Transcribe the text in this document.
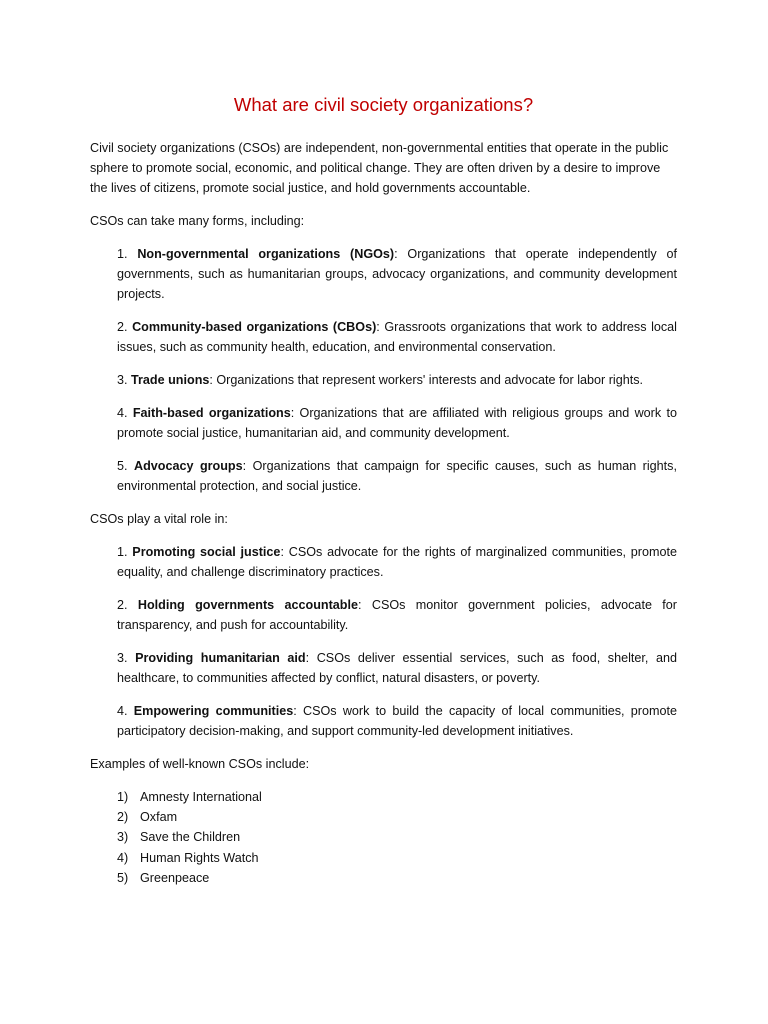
What are civil society organizations?

Civil society organizations (CSOs) are independent, non-governmental entities that operate in the public sphere to promote social, economic, and political change. They are often driven by a desire to improve the lives of citizens, promote social justice, and hold governments accountable.

CSOs can take many forms, including:

1. Non-governmental organizations (NGOs): Organizations that operate independently of governments, such as humanitarian groups, advocacy organizations, and community development projects.
2. Community-based organizations (CBOs): Grassroots organizations that work to address local issues, such as community health, education, and environmental conservation.
3. Trade unions: Organizations that represent workers' interests and advocate for labor rights.
4. Faith-based organizations: Organizations that are affiliated with religious groups and work to promote social justice, humanitarian aid, and community development.
5. Advocacy groups: Organizations that campaign for specific causes, such as human rights, environmental protection, and social justice.

CSOs play a vital role in:

1. Promoting social justice: CSOs advocate for the rights of marginalized communities, promote equality, and challenge discriminatory practices.
2. Holding governments accountable: CSOs monitor government policies, advocate for transparency, and push for accountability.
3. Providing humanitarian aid: CSOs deliver essential services, such as food, shelter, and healthcare, to communities affected by conflict, natural disasters, or poverty.
4. Empowering communities: CSOs work to build the capacity of local communities, promote participatory decision-making, and support community-led development initiatives.

Examples of well-known CSOs include:

1) Amnesty International
2) Oxfam
3) Save the Children
4) Human Rights Watch
5) Greenpeace
